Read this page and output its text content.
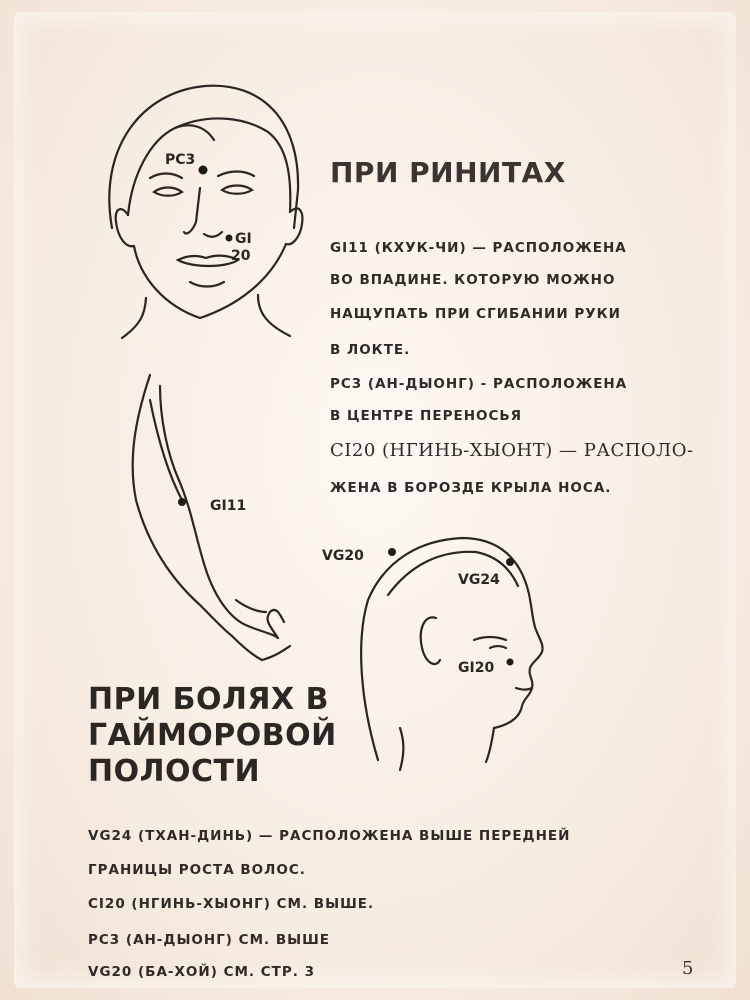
PC3
GI
20
GI11
VG20
VG24
GI20
ПРИ РИНИТАХ

GI11 (КХУК-ЧИ) — РАСПОЛОЖЕНА

ВО ВПАДИНЕ. КОТОРУЮ МОЖНО

НАЩУПАТЬ ПРИ СГИБАНИИ РУКИ

В ЛОКТЕ.

PC3 (АН-ДЫОНГ) - РАСПОЛОЖЕНА

В ЦЕНТРЕ ПЕРЕНОСЬЯ

CI20 (НГИНЬ-ХЫОНТ) — РАСПОЛО-

ЖЕНА В БОРОЗДЕ КРЫЛА НОСА.

ПРИ БОЛЯХ В ГАЙМОРОВОЙ ПОЛОСТИ

VG24 (ТХАН-ДИНЬ) — РАСПОЛОЖЕНА ВЫШЕ ПЕРЕДНЕЙ

ГРАНИЦЫ РОСТА ВОЛОС.

CI20 (НГИНЬ-ХЫОНГ) СМ. ВЫШЕ.

PC3 (АН-ДЫОНГ) СМ. ВЫШЕ

VG20 (БА-ХОЙ) СМ. СТР. 3	5
